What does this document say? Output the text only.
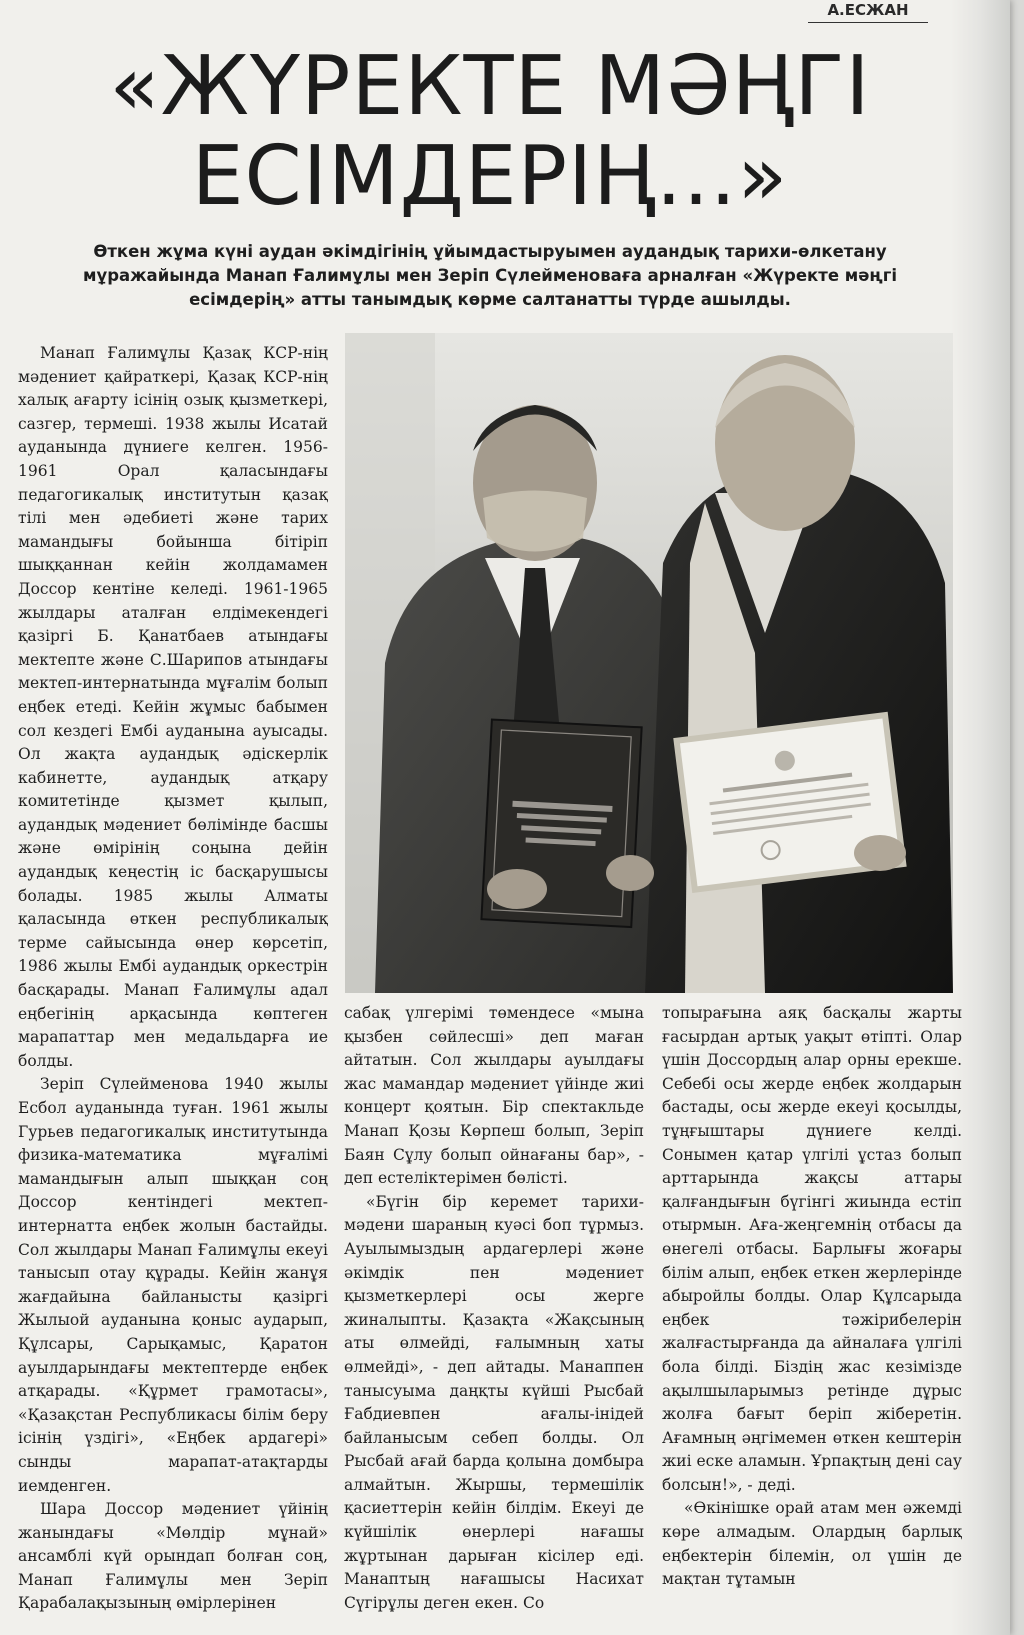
А.ЕСЖАН
«ЖҮРЕКТЕ МӘҢГІ
ЕСІМДЕРІҢ...»
Өткен жұма күні аудан әкімдігінің ұйымдастыруымен аудандық тарихи-өлкетану мұражайында Манап Ғалимұлы мен Зеріп Сүлейменоваға арналған «Жүректе мәңгі есімдерің» атты танымдық көрме салтанатты түрде ашылды.

Манап Ғалимұлы Қазақ КСР-нің мәдениет қайраткері, Қазақ КСР-нің халық ағарту ісінің озық қызметкері, сазгер, термеші. 1938 жылы Исатай ауданында дүниеге келген. 1956-1961 Орал қаласындағы педагогикалық институтын қазақ тілі мен әдебиеті және тарих мамандығы бойынша бітіріп шыққаннан кейін жолдамамен Доссор кентіне келеді. 1961-1965 жылдары аталған елдімекендегі қазіргі Б. Қанатбаев атындағы мектепте және С.Шарипов атындағы мектеп-интернатында мұғалім болып еңбек етеді. Кейін жұмыс бабымен сол кездегі Ембі ауданына ауысады. Ол жақта аудандық әдіскерлік кабинетте, аудандық атқару комитетінде қызмет қылып, аудандық мәдениет бөлімінде басшы және өмірінің соңына дейін аудандық кеңестің іс басқарушысы болады. 1985 жылы Алматы қаласында өткен республикалық терме сайысында өнер көрсетіп, 1986 жылы Ембі аудандық оркестрін басқарады. Манап Ғалимұлы адал еңбегінің арқасында көптеген марапаттар мен медальдарға ие болды.

Зеріп Сүлейменова 1940 жылы Есбол ауданында туған. 1961 жылы Гурьев педагогикалық институтында физика-математика мұғалімі мамандығын алып шыққан соң Доссор кентіндегі мектеп-интернатта еңбек жолын бастайды. Сол жылдары Манап Ғалимұлы екеуі танысып отау құрады. Кейін жанұя жағдайына байланысты қазіргі Жылыой ауданына қоныс аударып, Құлсары, Сарықамыс, Қаратон ауылдарындағы мектептерде еңбек атқарады. «Құрмет грамотасы», «Қазақстан Республикасы білім беру ісінің үздігі», «Еңбек ардагері» сынды марапат-атақтарды иемденген.

Шара Доссор мәдениет үйінің жанындағы «Мөлдір мұнай» ансамблі күй орындап болған соң, Манап Ғалимұлы мен Зеріп Қарабалақызының өмірлерінен

сабақ үлгерімі төмендесе «мына қызбен сөйлесші» деп маған айтатын. Сол жылдары ауылдағы жас мамандар мәдениет үйінде жиі концерт қоятын. Бір спектакльде Манап Қозы Көрпеш болып, Зеріп Баян Сұлу болып ойнағаны бар», - деп естеліктерімен бөлісті.

«Бүгін бір керемет тарихи-мәдени шараның куәсі боп тұрмыз. Ауылымыздың ардагерлері және әкімдік пен мәдениет қызметкерлері осы жерге жиналыпты. Қазақта «Жақсының аты өлмейді, ғалымның хаты өлмейді», - деп айтады. Манаппен танысуыма даңқты күйші Рысбай Ғабдиевпен ағалы-інідей байланысым себеп болды. Ол Рысбай ағай барда қолына домбыра алмайтын. Жыршы, термешілік қасиеттерін кейін білдім. Екеуі де күйшілік өнерлері нағашы жұртынан дарыған кісілер еді. Манаптың нағашысы Насихат Сүгірұлы деген екен. Со

топырағына аяқ басқалы жарты ғасырдан артық уақыт өтіпті. Олар үшін Доссордың алар орны ерекше. Себебі осы жерде еңбек жолдарын бастады, осы жерде екеуі қосылды, тұңғыштары дүниеге келді. Сонымен қатар үлгілі ұстаз болып арттарында жақсы аттары қалғандығын бүгінгі жиында естіп отырмын. Аға-жеңгемнің отбасы да өнегелі отбасы. Барлығы жоғары білім алып, еңбек еткен жерлерінде абыройлы болды. Олар Құлсарыда еңбек тәжірибелерін жалғастырғанда да айналаға үлгілі бола білді. Біздің жас кезімізде ақылшыларымыз ретінде дұрыс жолға бағыт беріп жіберетін. Ағамның әңгімемен өткен кештерін жиі еске аламын. Ұрпақтың дені сау болсын!», - деді.

«Өкінішке орай атам мен әжемді көре алмадым. Олардың барлық еңбектерін білемін, ол үшін де мақтан тұтамын
